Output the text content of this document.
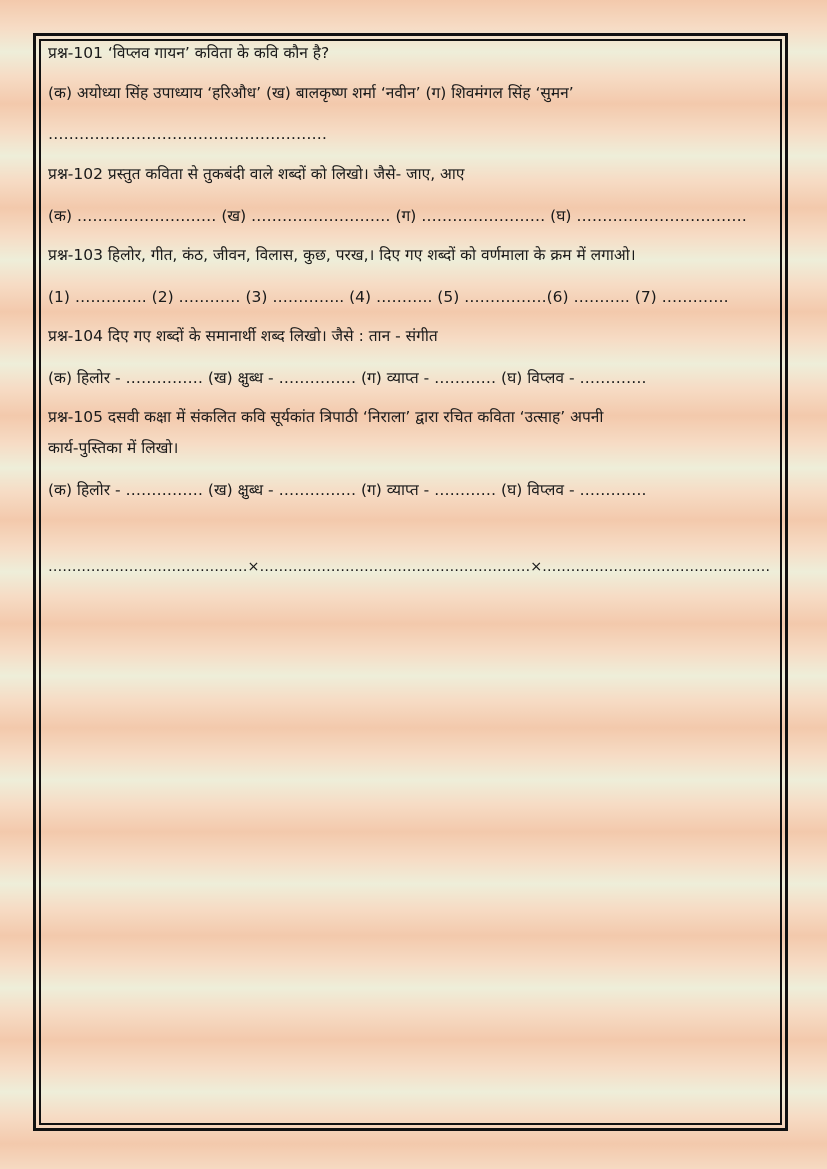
प्रश्न-101 ‘विप्लव गायन’ कविता के कवि कौन है?
(क) अयोध्या सिंह उपाध्याय ‘हरिऔध’ (ख) बालकृष्ण शर्मा ‘नवीन’ (ग) शिवमंगल सिंह ‘सुमन’
………………………………………………
प्रश्न-102 प्रस्तुत कविता से तुकबंदी वाले शब्दों को लिखो। जैसे- जाए, आए
(क) ……………………… (ख) ……………………… (ग) …………………… (घ) ……………………………
प्रश्न-103 हिलोर, गीत, कंठ, जीवन, विलास, कुछ, परख,। दिए गए शब्दों को वर्णमाला के क्रम में लगाओ।
(1) ………….. (2) ………… (3) ………….. (4) ……….. (5) …………….(6) ……….. (7) ………….
प्रश्न-104 दिए गए शब्दों के समानार्थी शब्द लिखो। जैसे : तान - संगीत
(क) हिलोर - …………… (ख) क्षुब्ध - …………… (ग) व्याप्त - ………… (घ) विप्लव - ………….
प्रश्न-105 दसवी कक्षा में संकलित कवि सूर्यकांत त्रिपाठी ‘निराला’ द्वारा रचित कविता ‘उत्साह’ अपनी
कार्य-पुस्तिका में लिखो।
(क) हिलोर - …………… (ख) क्षुब्ध - …………… (ग) व्याप्त - ………… (घ) विप्लव - ………….
……………………………………×…………………………………………………×…………………………………………
